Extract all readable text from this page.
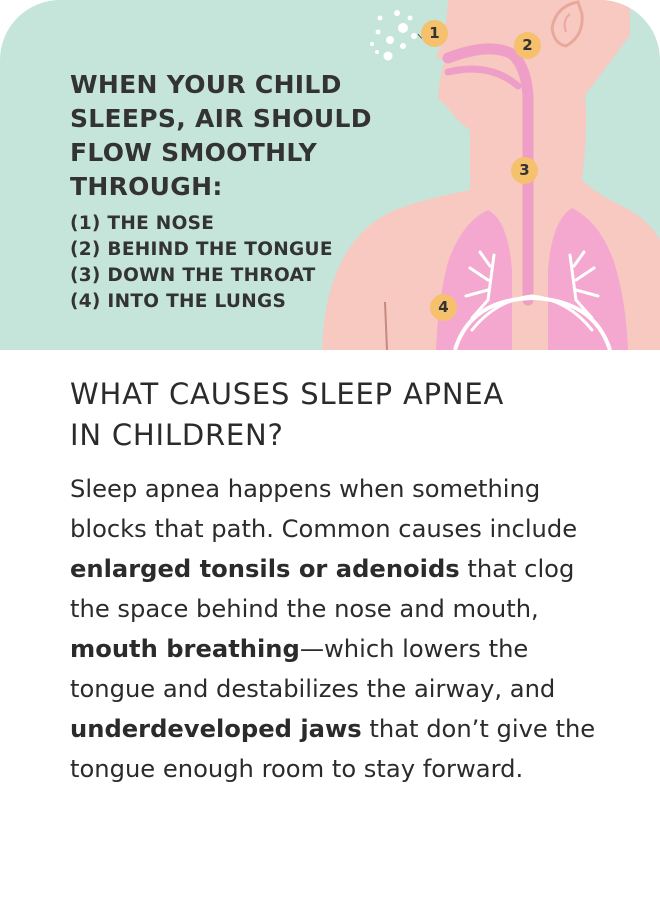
WHEN YOUR CHILD
SLEEPS, AIR SHOULD
FLOW SMOOTHLY
THROUGH:
(1) THE NOSE
(2) BEHIND THE TONGUE
(3) DOWN THE THROAT
(4) INTO THE LUNGS
1
2
3
4
WHAT CAUSES SLEEP APNEA
IN CHILDREN?

Sleep apnea happens when something blocks that path. Common causes include enlarged tonsils or adenoids that clog the space behind the nose and mouth, mouth breathing—which lowers the tongue and destabilizes the airway, and underdeveloped jaws that don’t give the tongue enough room to stay forward.
